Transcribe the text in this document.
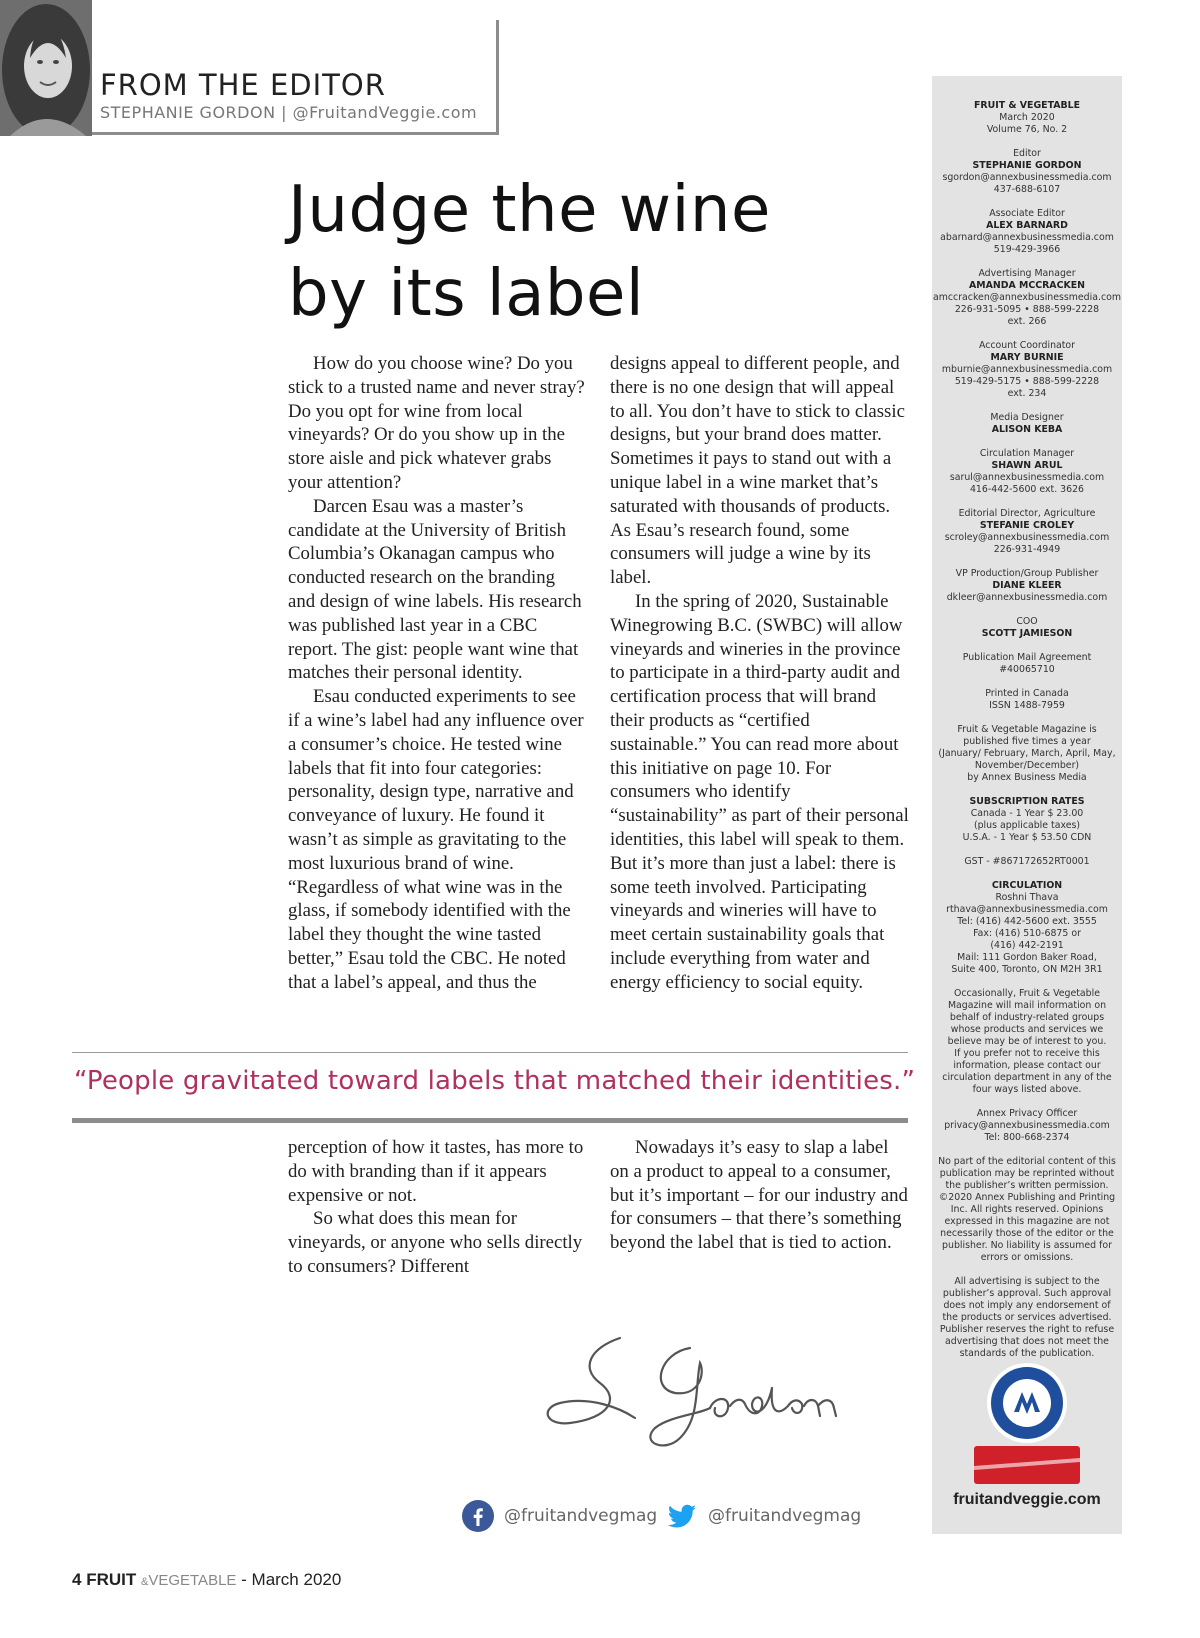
FROM THE EDITOR
STEPHANIE GORDON | @FruitandVeggie.com
Judge the wine
by its label

How do you choose wine? Do you stick to a trusted name and never stray? Do you opt for wine from local vineyards? Or do you show up in the store aisle and pick whatever grabs your attention?

Darcen Esau was a master’s candidate at the University of British Columbia’s Okanagan campus who conducted research on the branding and design of wine labels. His research was published last year in a CBC report. The gist: people want wine that matches their personal identity.

Esau conducted experiments to see if a wine’s label had any influence over a consumer’s choice. He tested wine labels that fit into four categories: personality, design type, narrative and conveyance of luxury. He found it wasn’t as simple as gravitating to the most luxurious brand of wine. “Regardless of what wine was in the glass, if somebody identified with the label they thought the wine tasted better,” Esau told the CBC. He noted that a label’s appeal, and thus the

designs appeal to different people, and there is no one design that will appeal to all. You don’t have to stick to classic designs, but your brand does matter. Sometimes it pays to stand out with a unique label in a wine market that’s saturated with thousands of products. As Esau’s research found, some consumers will judge a wine by its label.

In the spring of 2020, Sustainable Winegrowing B.C. (SWBC) will allow vineyards and wineries in the province to participate in a third-party audit and certification process that will brand their products as “certified sustainable.” You can read more about this initiative on page 10. For consumers who identify “sustainability” as part of their personal identities, this label will speak to them. But it’s more than just a label: there is some teeth involved. Participating vineyards and wineries will have to meet certain sustainability goals that include everything from water and energy efficiency to social equity.

“People gravitated toward labels that matched their identities.”

perception of how it tastes, has more to do with branding than if it appears expensive or not.

So what does this mean for vineyards, or anyone who sells directly to consumers? Different

Nowadays it’s easy to slap a label on a product to appeal to a consumer, but it’s important – for our industry and for consumers – that there’s something beyond the label that is tied to action.

@fruitandvegmag	@fruitandvegmag
4 FRUIT &VEGETABLE - March 2020
FRUIT & VEGETABLE
March 2020
Volume 76, No. 2
Editor
STEPHANIE GORDON
sgordon@annexbusinessmedia.com
437-688-6107
Associate Editor
ALEX BARNARD
abarnard@annexbusinessmedia.com
519-429-3966
Advertising Manager
AMANDA MCCRACKEN
amccracken@annexbusinessmedia.com
226-931-5095 • 888-599-2228
ext. 266
Account Coordinator
MARY BURNIE
mburnie@annexbusinessmedia.com
519-429-5175 • 888-599-2228
ext. 234
Media Designer
ALISON KEBA
Circulation Manager
SHAWN ARUL
sarul@annexbusinessmedia.com
416-442-5600 ext. 3626
Editorial Director, Agriculture
STEFANIE CROLEY
scroley@annexbusinessmedia.com
226-931-4949
VP Production/Group Publisher
DIANE KLEER
dkleer@annexbusinessmedia.com
COO
SCOTT JAMIESON
Publication Mail Agreement
#40065710
Printed in Canada
ISSN 1488-7959
Fruit & Vegetable Magazine is
published five times a year
(January/ February, March, April, May,
November/December)
by Annex Business Media
SUBSCRIPTION RATES
Canada - 1 Year $ 23.00
(plus applicable taxes)
U.S.A. - 1 Year $ 53.50 CDN
GST - #867172652RT0001
CIRCULATION
Roshni Thava
rthava@annexbusinessmedia.com
Tel: (416) 442-5600 ext. 3555
Fax: (416) 510-6875 or
(416) 442-2191
Mail: 111 Gordon Baker Road,
Suite 400, Toronto, ON M2H 3R1
Occasionally, Fruit & Vegetable
Magazine will mail information on
behalf of industry-related groups
whose products and services we
believe may be of interest to you.
If you prefer not to receive this
information, please contact our
circulation department in any of the
four ways listed above.
Annex Privacy Officer
privacy@annexbusinessmedia.com
Tel: 800-668-2374
No part of the editorial content of this
publication may be reprinted without
the publisher’s written permission.
©2020 Annex Publishing and Printing
Inc. All rights reserved. Opinions
expressed in this magazine are not
necessarily those of the editor or the
publisher. No liability is assumed for
errors or omissions.
All advertising is subject to the
publisher’s approval. Such approval
does not imply any endorsement of
the products or services advertised.
Publisher reserves the right to refuse
advertising that does not meet the
standards of the publication.
fruitandveggie.com
